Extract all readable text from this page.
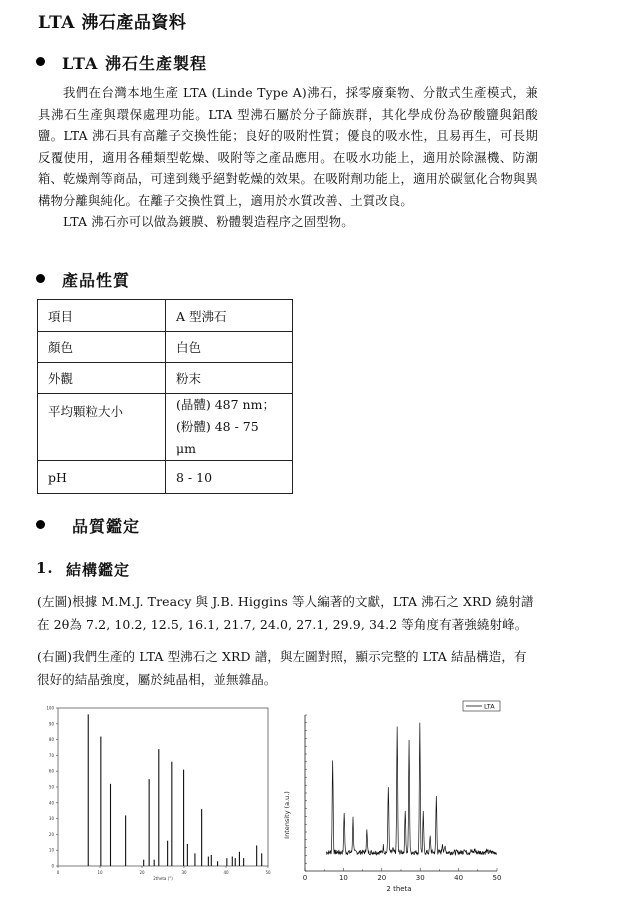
LTA 沸石產品資料
LTA 沸石生產製程

我們在台灣本地生產 LTA (Linde Type A)沸石，採零廢棄物、分散式生產模式，兼具沸石生產與環保處理功能。LTA 型沸石屬於分子篩族群，其化學成份為矽酸鹽與鋁酸鹽。LTA 沸石具有高離子交換性能；良好的吸附性質；優良的吸水性，且易再生，可長期反覆使用，適用各種類型乾燥、吸附等之產品應用。在吸水功能上，適用於除濕機、防潮箱、乾燥劑等商品，可達到幾乎絕對乾燥的效果。在吸附劑功能上，適用於碳氫化合物與異構物分離與純化。在離子交換性質上，適用於水質改善、土質改良。

LTA 沸石亦可以做為鍍膜、粉體製造程序之固型物。

產品性質
項目	A 型沸石
顏色	白色
外觀	粉末
平均顆粒大小	(晶體) 487 nm；
(粉體) 48 - 75 μm

pH	8 - 10
品質鑑定
1. 結構鑑定
(左圖)根據 M.M.J. Treacy 與 J.B. Higgins 等人編著的文獻，LTA 沸石之 XRD 繞射譜在 2θ為 7.2, 10.2, 12.5, 16.1, 21.7, 24.0, 27.1, 29.9, 34.2 等角度有著強繞射峰。
(右圖)我們生產的 LTA 型沸石之 XRD 譜，與左圖對照，顯示完整的 LTA 結晶構造，有很好的結晶強度，屬於純晶相，並無雜晶。
0
10
20
30
40
50
60
70
80
90
100
0	10	20	30	40	50
2theta (°)	0	10	20	30	40	50
2 theta
Intensity (a.u.)
LTA
